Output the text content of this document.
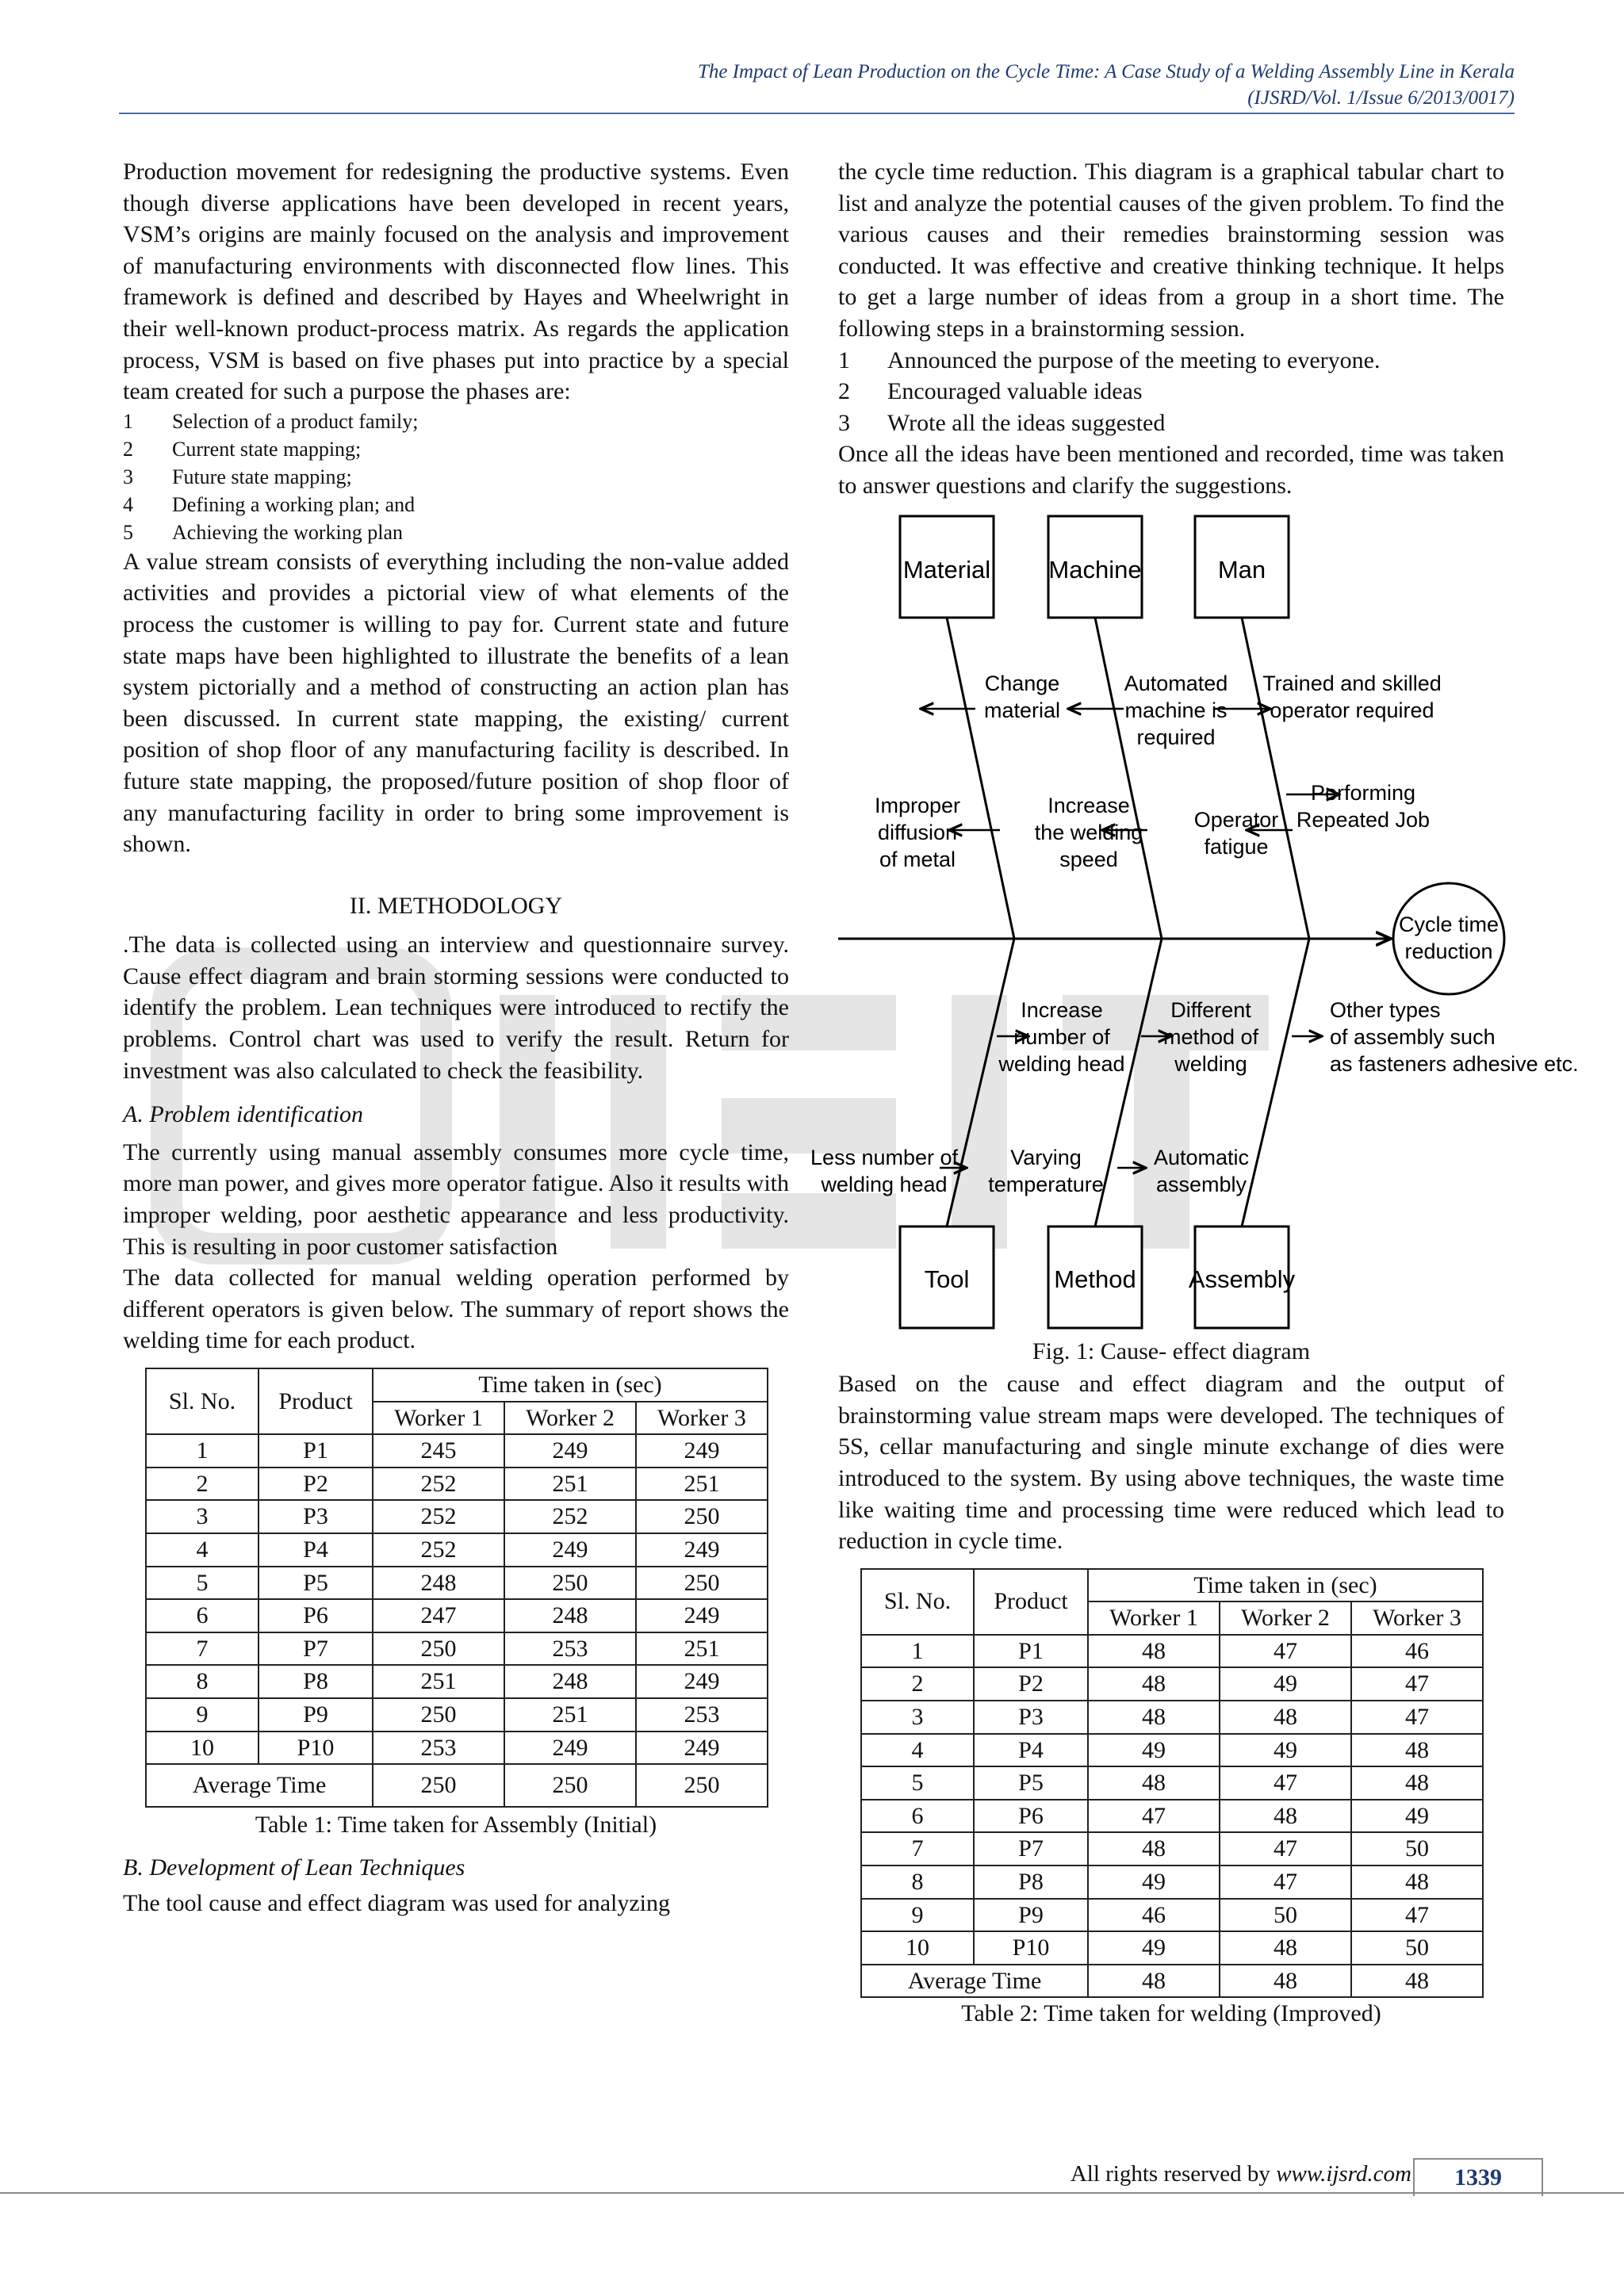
The Impact of Lean Production on the Cycle Time: A Case Study of a Welding Assembly Line in Kerala
(IJSRD/Vol. 1/Issue 6/2013/0017)

Production movement for redesigning the productive systems. Even though diverse applications have been developed in recent years, VSM’s origins are mainly focused on the analysis and improvement of manufacturing environments with disconnected flow lines. This framework is defined and described by Hayes and Wheelwright in their well-known product-process matrix. As regards the application process, VSM is based on five phases put into practice by a special team created for such a purpose the phases are:

1	Selection of a product family;
2	Current state mapping;
3	Future state mapping;
4	Defining a working plan; and
5	Achieving the working plan

A value stream consists of everything including the non-value added activities and provides a pictorial view of what elements of the process the customer is willing to pay for. Current state and future state maps have been highlighted to illustrate the benefits of a lean system pictorially and a method of constructing an action plan has been discussed. In current state mapping, the existing/ current position of shop floor of any manufacturing facility is described. In future state mapping, the proposed/future position of shop floor of any manufacturing facility in order to bring some improvement is shown.

II. METHODOLOGY

.The data is collected using an interview and questionnaire survey. Cause effect diagram and brain storming sessions were conducted to identify the problem. Lean techniques were introduced to rectify the problems. Control chart was used to verify the result. Return for investment was also calculated to check the feasibility.

A. Problem identification

The currently using manual assembly consumes more cycle time, more man power, and gives more operator fatigue. Also it results with improper welding, poor aesthetic appearance and less productivity. This is resulting in poor customer satisfaction

The data collected for manual welding operation performed by different operators is given below. The summary of report shows the welding time for each product.

Sl. No.	Product	Time taken in (sec)		
		Worker 1	Worker 2	Worker 3
1	P1	245	249	249
2	P2	252	251	251
3	P3	252	252	250
4	P4	252	249	249
5	P5	248	250	250
6	P6	247	248	249
7	P7	250	253	251
8	P8	251	248	249
9	P9	250	251	253
10	P10	253	249	249
Average Time		250	250	250
Table 1: Time taken for Assembly (Initial)

B. Development of Lean Techniques

The tool cause and effect diagram was used for analyzing

the cycle time reduction. This diagram is a graphical tabular chart to list and analyze the potential causes of the given problem. To find the various causes and their remedies brainstorming session was conducted. It was effective and creative thinking technique. It helps to get a large number of ideas from a group in a short time. The following steps in a brainstorming session.

1	Announced the purpose of the meeting to everyone.
2	Encouraged valuable ideas
3	Wrote all the ideas suggested

Once all the ideas have been mentioned and recorded, time was taken to answer questions and clarify the suggestions.

Material Machine	Man
Tool	Method Assembly
Cycle time
reduction
Change
material
Automated
machine is
required
Trained and skilled
operator required
Improper
diffusion
of metal
Increase
the welding
speed
Operator
fatigue
Performing
Repeated Job
Increase
number of
welding head
Different
method of
welding
Other types
of assembly such
as fasteners adhesive etc.
Less number of
welding head
Varying
temperature
Automatic
assembly
Fig. 1: Cause- effect diagram

Based on the cause and effect diagram and the output of brainstorming value stream maps were developed. The techniques of 5S, cellar manufacturing and single minute exchange of dies were introduced to the system. By using above techniques, the waste time like waiting time and processing time were reduced which lead to reduction in cycle time.

Sl. No.	Product	Time taken in (sec)		
		Worker 1	Worker 2	Worker 3
1	P1	48	47	46
2	P2	48	49	47
3	P3	48	48	47
4	P4	49	49	48
5	P5	48	47	48
6	P6	47	48	49
7	P7	48	47	50
8	P8	49	47	48
9	P9	46	50	47
10	P10	49	48	50
Average Time		48	48	48
Table 2: Time taken for welding (Improved)
All rights reserved by www.ijsrd.com	1339
